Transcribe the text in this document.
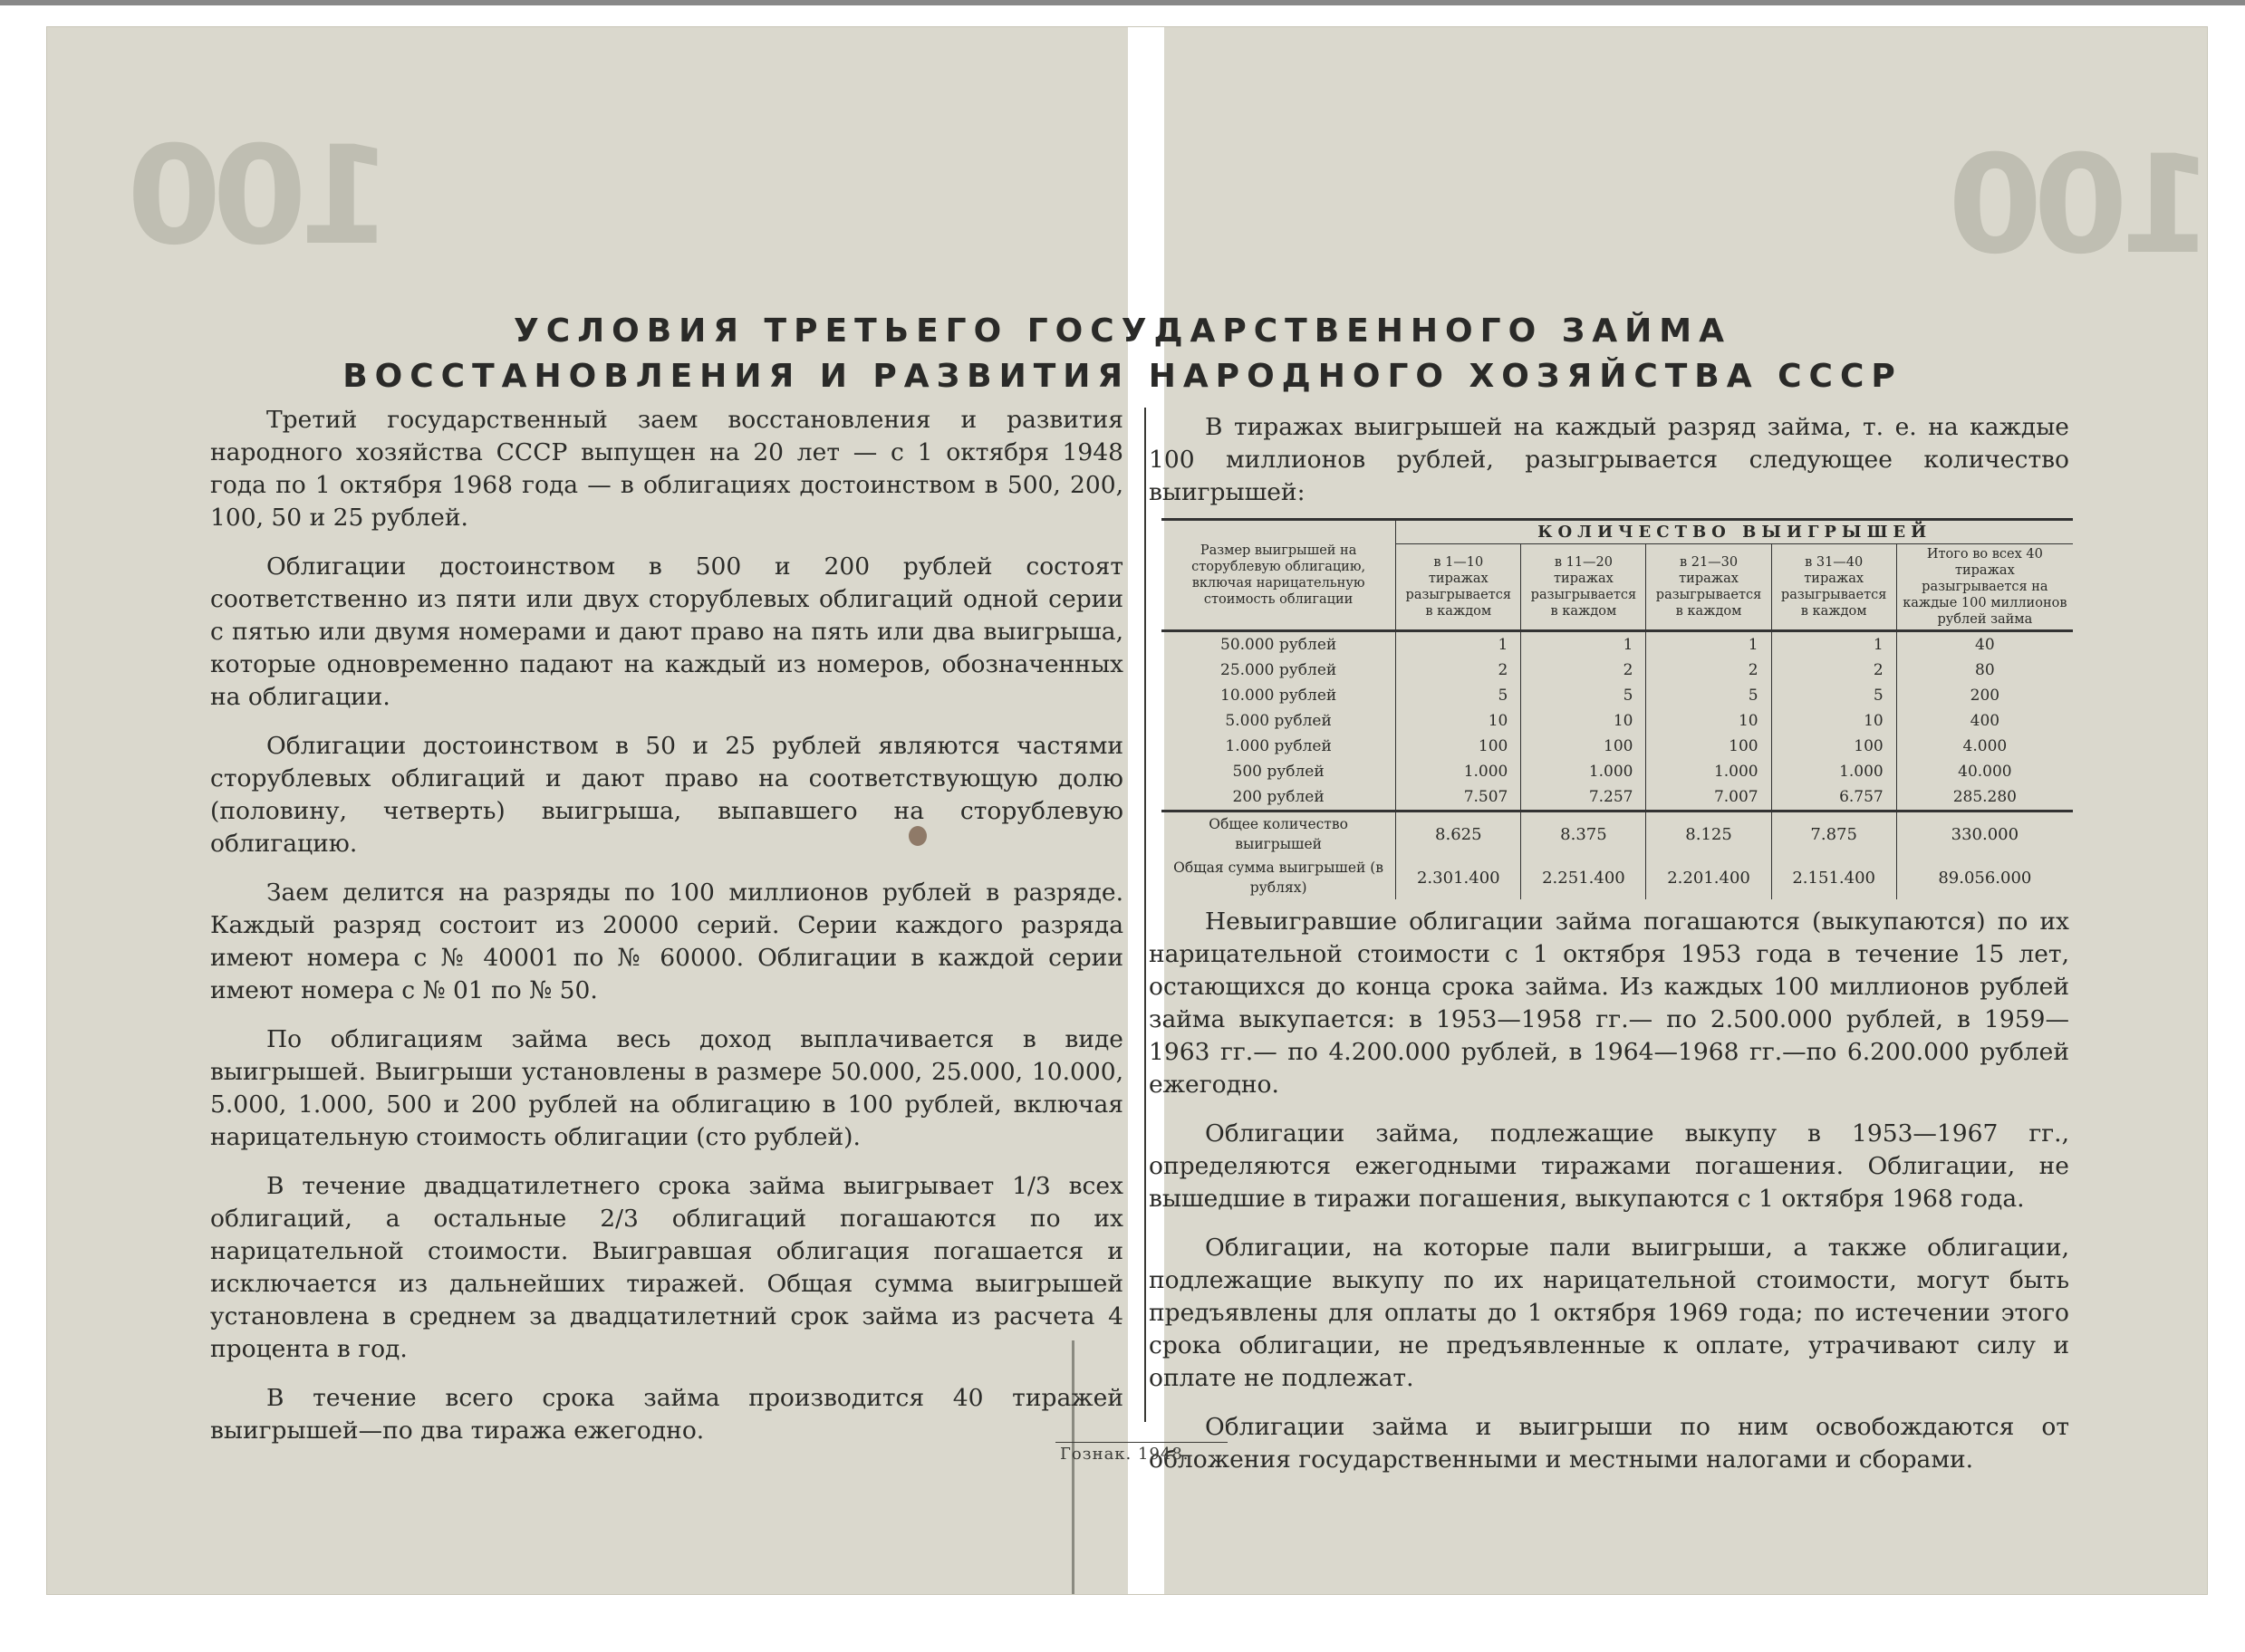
100	100
УСЛОВИЯ ТРЕТЬЕГО ГОСУДАРСТВЕННОГО ЗАЙМА
ВОССТАНОВЛЕНИЯ И РАЗВИТИЯ НАРОДНОГО ХОЗЯЙСТВА СССР

Третий государственный заем восстановления и развития народного хозяйства СССР выпущен на 20 лет — с 1 октября 1948 года по 1 октября 1968 года — в облигациях достоинством в 500, 200, 100, 50 и 25 рублей.

Облигации достоинством в 500 и 200 рублей состоят соответственно из пяти или двух сторублевых облигаций одной серии с пятью или двумя номерами и дают право на пять или два выигрыша, которые одновременно падают на каждый из номеров, обозначенных на облигации.

Облигации достоинством в 50 и 25 рублей являются частями сторублевых облигаций и дают право на соответствующую долю (половину, четверть) выигрыша, выпавшего на сторублевую облигацию.

Заем делится на разряды по 100 миллионов рублей в разряде. Каждый разряд состоит из 20000 серий. Серии каждого разряда имеют номера с № 40001 по № 60000. Облигации в каждой серии имеют номера с № 01 по № 50.

По облигациям займа весь доход выплачивается в виде выигрышей. Выигрыши установлены в размере 50.000, 25.000, 10.000, 5.000, 1.000, 500 и 200 рублей на облигацию в 100 рублей, включая нарицательную стоимость облигации (сто рублей).

В течение двадцатилетнего срока займа выигрывает 1/3 всех облигаций, а остальные 2/3 облигаций погашаются по их нарицательной стоимости. Выигравшая облигация погашается и исключается из дальнейших тиражей. Общая сумма выигрышей установлена в среднем за двадцатилетний срок займа из расчета 4 процента в год.

В течение всего срока займа производится 40 тиражей выигрышей—по два тиража ежегодно.

В тиражах выигрышей на каждый разряд займа, т. е. на каждые 100 миллионов рублей, разыгрывается следующее количество выигрышей:

Размер выигрышей на сторублевую облигацию, включая нарицательную стоимость облигации	КОЛИЧЕСТВО ВЫИГРЫШЕЙ				
	в 1—10 тиражах разыгрывается в каждом	в 11—20 тиражах разыгрывается в каждом	в 21—30 тиражах разыгрывается в каждом	в 31—40 тиражах разыгрывается в каждом	Итого во всех 40 тиражах разыгрывается на каждые 100 миллионов рублей займа
50.000 рублей	1	1	1	1	40
25.000 рублей	2	2	2	2	80
10.000 рублей	5	5	5	5	200
5.000 рублей	10	10	10	10	400
1.000 рублей	100	100	100	100	4.000
500 рублей	1.000	1.000	1.000	1.000	40.000
200 рублей	7.507	7.257	7.007	6.757	285.280
Общее количество выигрышей	8.625	8.375	8.125	7.875	330.000
Общая сумма выигрышей (в рублях)	2.301.400	2.251.400	2.201.400	2.151.400	89.056.000

Невыигравшие облигации займа погашаются (выкупаются) по их нарицательной стоимости с 1 октября 1953 года в течение 15 лет, остающихся до конца срока займа. Из каждых 100 миллионов рублей займа выкупается: в 1953—1958 гг.— по 2.500.000 рублей, в 1959—1963 гг.— по 4.200.000 рублей, в 1964—1968 гг.—по 6.200.000 рублей ежегодно.

Облигации займа, подлежащие выкупу в 1953—1967 гг., определяются ежегодными тиражами погашения. Облигации, не вышедшие в тиражи погашения, выкупаются с 1 октября 1968 года.

Облигации, на которые пали выигрыши, а также облигации, подлежащие выкупу по их нарицательной стоимости, могут быть предъявлены для оплаты до 1 октября 1969 года; по истечении этого срока облигации, не предъявленные к оплате, утрачивают силу и оплате не подлежат.

Облигации займа и выигрыши по ним освобождаются от обложения государственными и местными налогами и сборами.

Гознак. 1948.
